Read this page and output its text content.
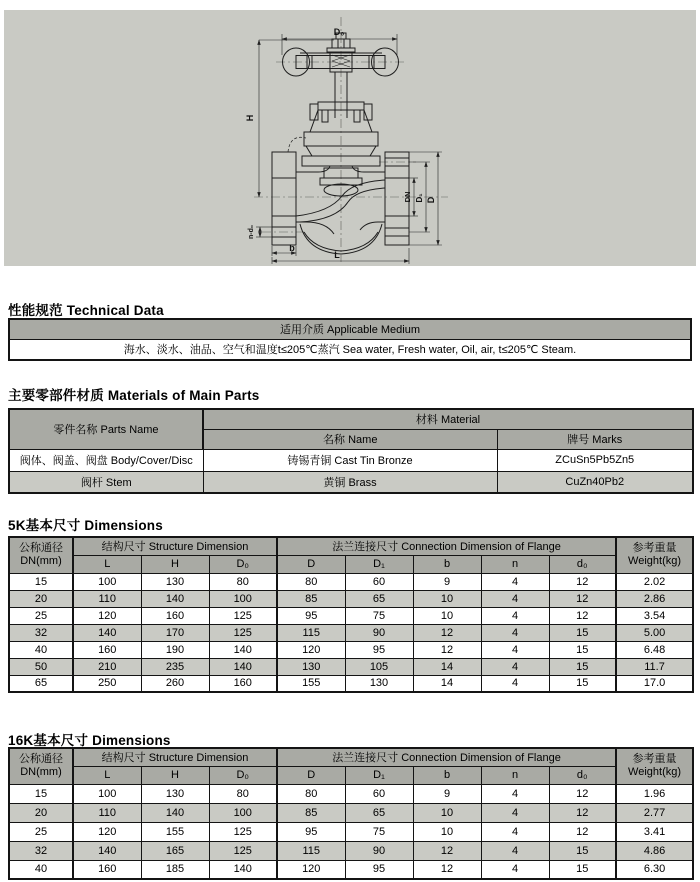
D₀
H
DN D₁ D
n-d₀
b
L
性能规范 Technical Data
适用介质 Applicable Medium
海水、淡水、油品、空气和温度t≤205℃蒸汽 Sea water, Fresh water, Oil, air, t≤205℃ Steam.
主要零部件材质 Materials of Main Parts
零件名称 Parts Name	材料 Material	
	名称 Name	牌号 Marks
阀体、阀盖、阀盘 Body/Cover/Disc	铸锡青铜 Cast Tin Bronze	ZCuSn5Pb5Zn5
阀杆 Stem	黄铜 Brass	CuZn40Pb2
5K基本尺寸 Dimensions
公称通径
DN(mm)	结构尺寸 Structure Dimension			法兰连接尺寸 Connection Dimension of Flange					参考重量
Weight(kg)
	L	H	D₀	D	D₁	b	n	d₀	
15	100	130	80	80	60	9	4	12	2.02
20	110	140	100	85	65	10	4	12	2.86
25	120	160	125	95	75	10	4	12	3.54
32	140	170	125	115	90	12	4	15	5.00
40	160	190	140	120	95	12	4	15	6.48
50	210	235	140	130	105	14	4	15	11.7
65	250	260	160	155	130	14	4	15	17.0
16K基本尺寸 Dimensions
公称通径
DN(mm)	结构尺寸 Structure Dimension			法兰连接尺寸 Connection Dimension of Flange					参考重量
Weight(kg)
	L	H	D₀	D	D₁	b	n	d₀	
15	100	130	80	80	60	9	4	12	1.96
20	110	140	100	85	65	10	4	12	2.77
25	120	155	125	95	75	10	4	12	3.41
32	140	165	125	115	90	12	4	15	4.86
40	160	185	140	120	95	12	4	15	6.30
